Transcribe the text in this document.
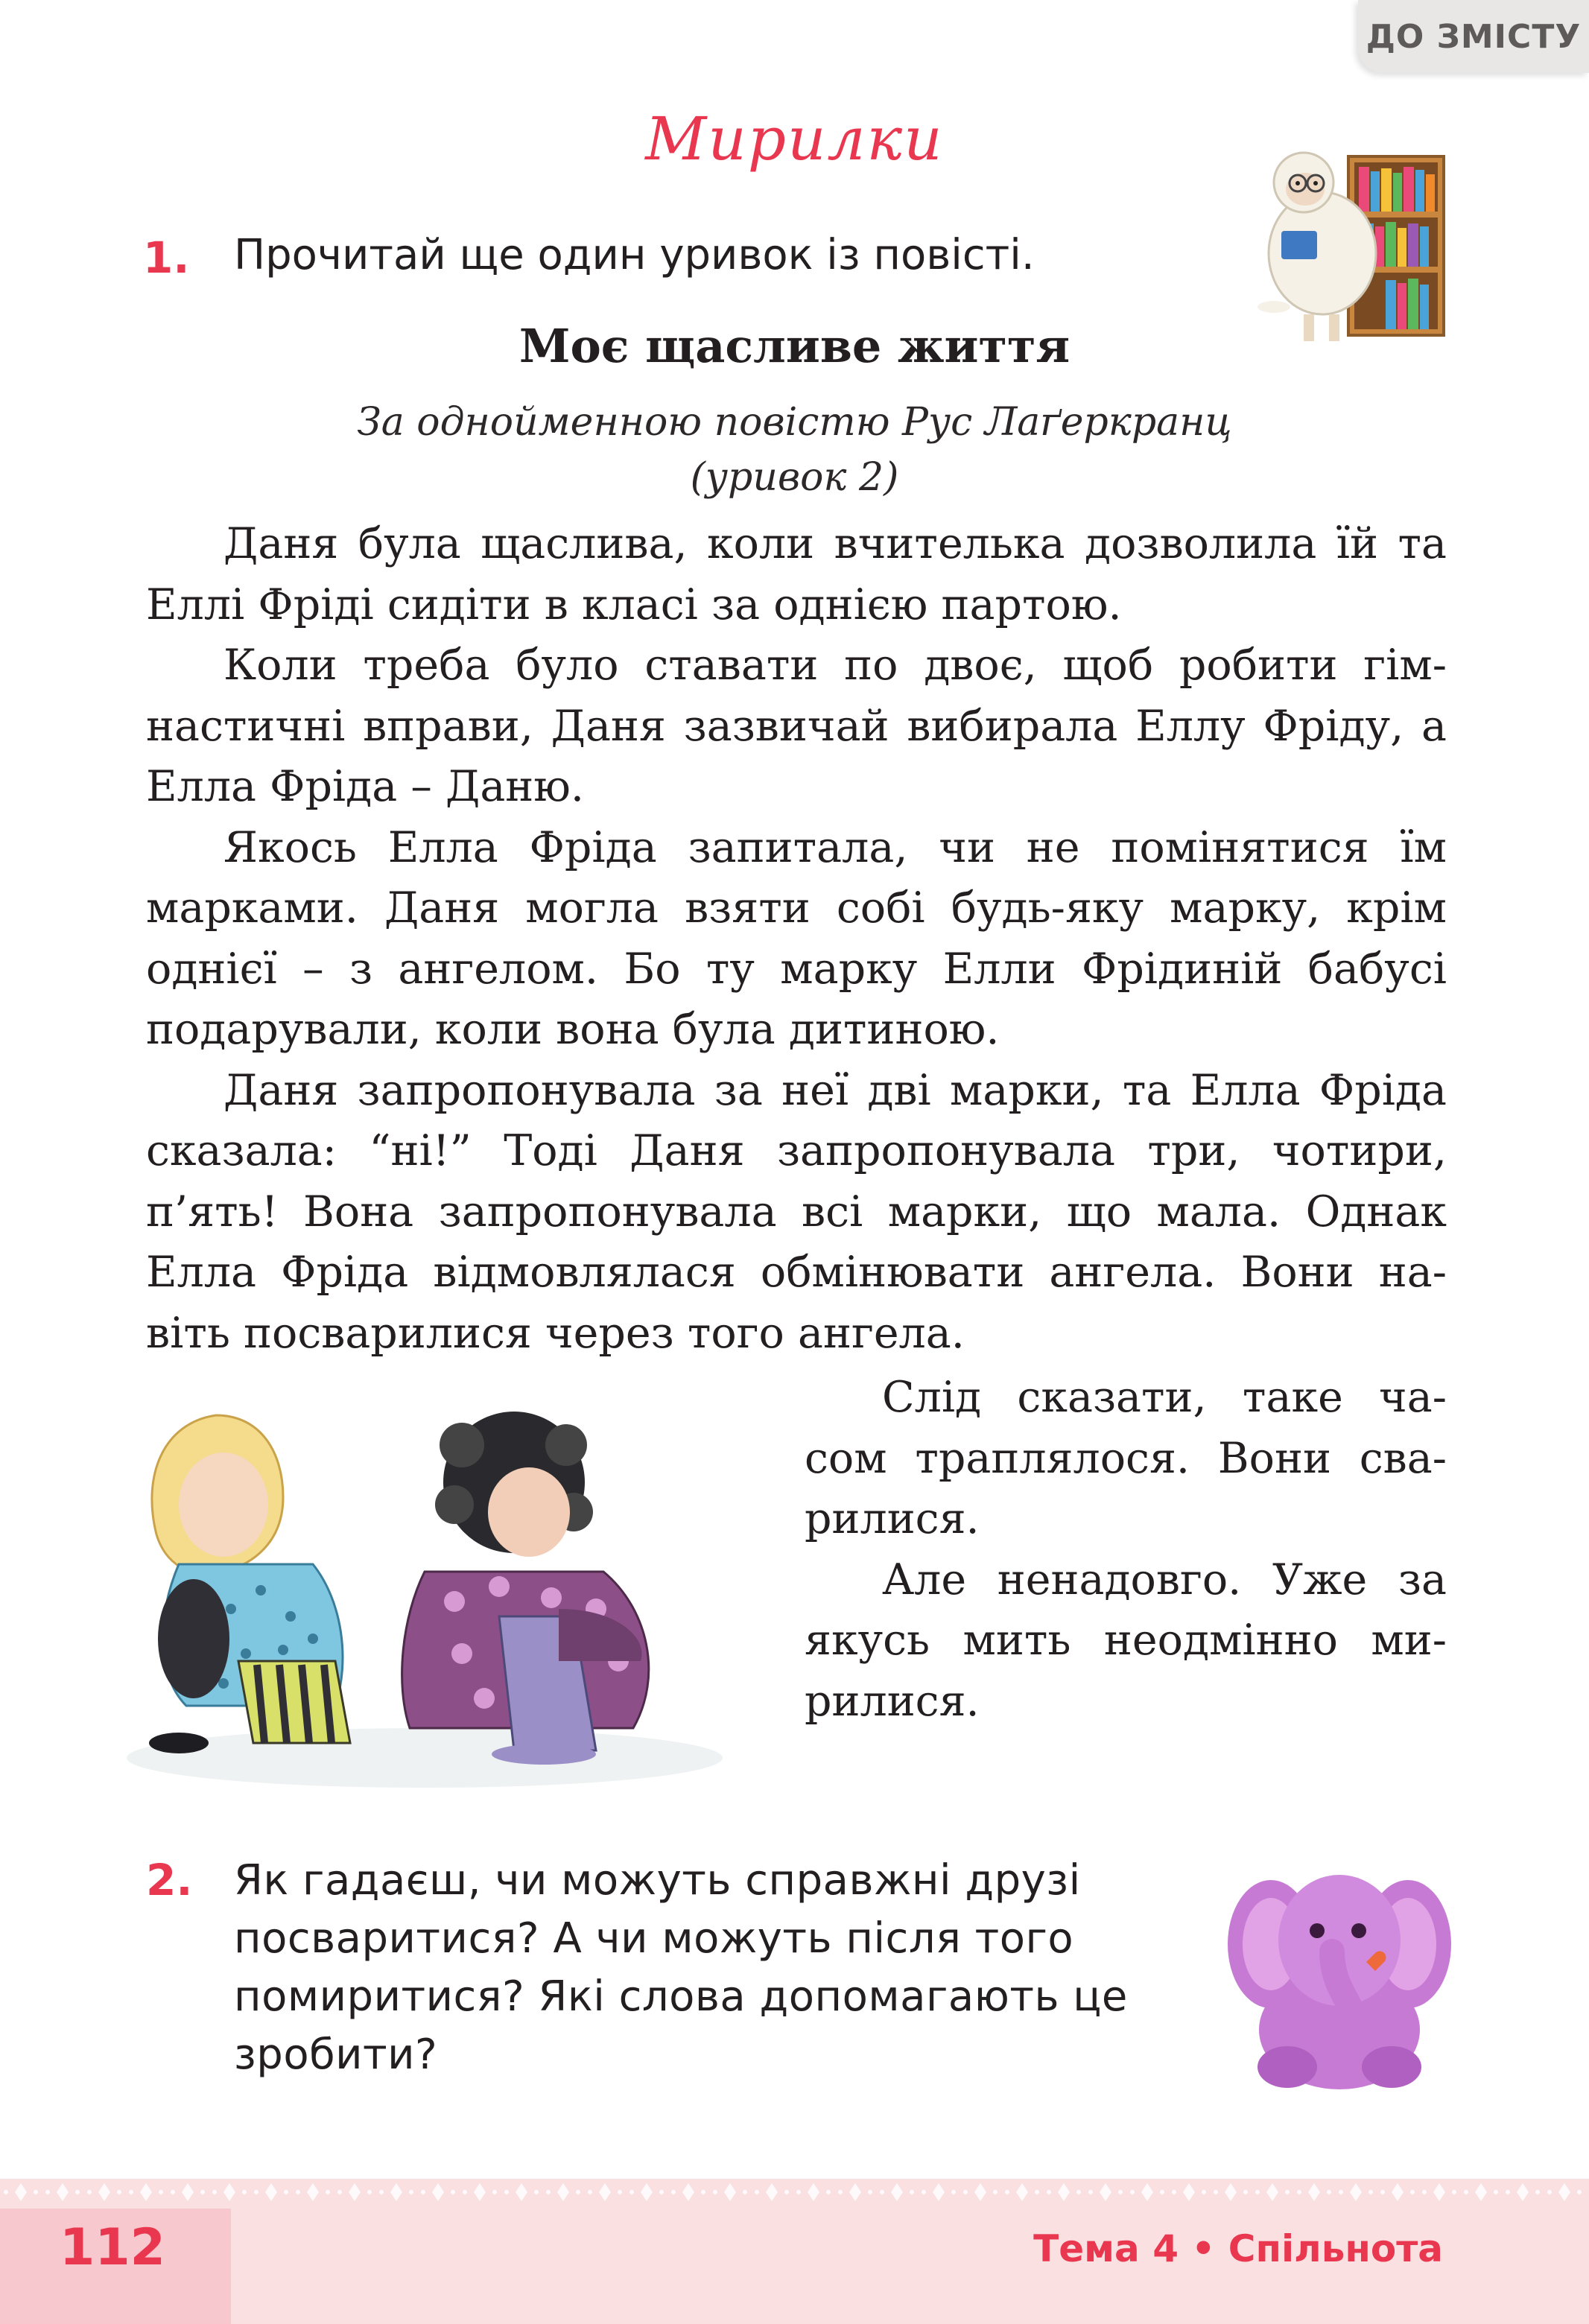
ДО ЗМІСТУ
Мирилки
1. Прочитай ще один уривок із повісті.
Моє щасливе життя
За однойменною повістю Рус Лаґеркранц
(уривок 2)

Даня була щаслива, коли вчителька дозволила їй та Еллі Фріді сидіти в класі за однією партою.

Коли треба було ставати по двоє, щоб робити гімнастичні вправи, Даня зазвичай вибирала Еллу Фріду, а Елла Фріда – Даню.

Якось Елла Фріда запитала, чи не помінятися їм марками. Даня могла взяти собі будь-яку марку, крім однієї – з ангелом. Бо ту марку Елли Фрідиній бабусі подарували, коли вона була дитиною.

Даня запропонувала за неї дві марки, та Елла Фріда сказала: “ні!” Тоді Даня запропонувала три, чотири, п’ять! Вона запропонувала всі марки, що мала. Однак Елла Фріда відмовлялася обмінювати ангела. Вони навіть посварилися через того ангела.

Слід сказати, таке часом траплялося. Вони сварилися.

Але ненадовго. Уже за якусь мить неодмінно мирилися.

2. Як гадаєш, чи можуть справжні друзі посваритися? А чи можуть після того помиритися? Які слова допомагають це зробити?
112	Тема 4 • Спільнота
